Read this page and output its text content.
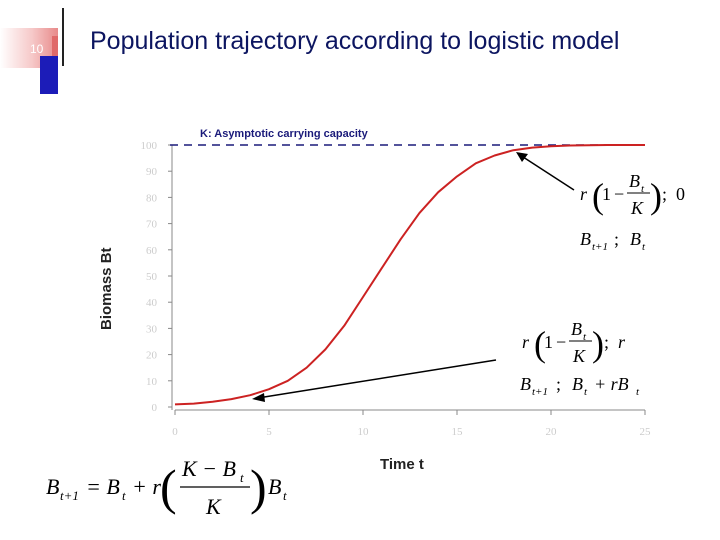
10 Population trajectory according to logistic model
Biomass Bt
Time t
0
10
20
30
40
50
60
70
80
90
100
0	5	10	15	20	25
K: Asymptotic carrying capacity
r (
1 −
B t
K ) ; 0
B t+1 ; B t
r (
1 −
B t
K ) ; r
B t+1 ; B t + rB t
B t+1 = B t + r ( K − B t
K ) B t
